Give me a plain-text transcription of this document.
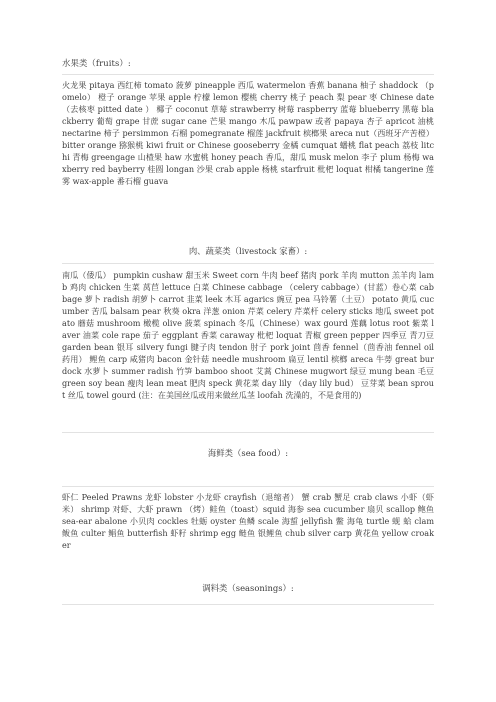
水果类（fruits）:

火龙果 pitaya 西红柿 tomato 菠萝 pineapple 西瓜 watermelon 香蕉 banana 柚子 shaddock （pomelo） 橙子 orange 苹果 apple 柠檬 lemon 樱桃 cherry 桃子 peach 梨 pear 枣 Chinese date （去核枣 pitted date ） 椰子 coconut 草莓 strawberry 树莓 raspberry 蓝莓 blueberry 黑莓 blackberry 葡萄 grape 甘蔗 sugar cane 芒果 mango 木瓜 pawpaw 或者 papaya 杏子 apricot 油桃 nectarine 柿子 persimmon 石榴 pomegranate 榴莲 jackfruit 槟榔果 areca nut（西班牙产苦橙）bitter orange 猕猴桃 kiwi fruit or Chinese gooseberry 金橘 cumquat 蟠桃 flat peach 荔枝 litchi 青梅 greengage 山楂果 haw 水蜜桃 honey peach 香瓜，甜瓜 musk melon 李子 plum 杨梅 waxberry red bayberry 桂圆 longan 沙果 crab apple 杨桃 starfruit 枇杷 loquat 柑橘 tangerine 莲雾 wax-apple 番石榴 guava

肉、蔬菜类（livestock 家畜）:

南瓜（倭瓜） pumpkin cushaw 甜玉米 Sweet corn 牛肉 beef 猪肉 pork 羊肉 mutton 羔羊肉 lamb 鸡肉 chicken 生菜 莴苣 lettuce 白菜 Chinese cabbage （celery cabbage）(甘蓝）卷心菜 cabbage 萝卜 radish 胡萝卜 carrot 韭菜 leek 木耳 agarics 豌豆 pea 马铃薯（土豆） potato 黄瓜 cucumber 苦瓜 balsam pear 秋葵 okra 洋葱 onion 芹菜 celery 芹菜杆 celery sticks 地瓜 sweet potato 蘑菇 mushroom 橄榄 olive 菠菜 spinach 冬瓜（Chinese）wax gourd 莲藕 lotus root 紫菜 laver 油菜 cole rape 茄子 eggplant 香菜 caraway 枇杷 loquat 青椒 green pepper 四季豆 青刀豆 garden bean 银耳 silvery fungi 腱子肉 tendon 肘子 pork joint 茴香 fennel（茴香油 fennel oil 药用） 鲤鱼 carp 咸猪肉 bacon 金针菇 needle mushroom 扁豆 lentil 槟榔 areca 牛蒡 great burdock 水萝卜 summer radish 竹笋 bamboo shoot 艾蒿 Chinese mugwort 绿豆 mung bean 毛豆 green soy bean 瘦肉 lean meat 肥肉 speck 黄花菜 day lily （day lily bud） 豆芽菜 bean sprout 丝瓜 towel gourd (注：在美国丝瓜或用来做丝瓜茎 loofah 洗澡的，不是食用的)

海鲜类（sea food）:

虾仁 Peeled Prawns 龙虾 lobster 小龙虾 crayfish（退缩者） 蟹 crab 蟹足 crab claws 小虾（虾米） shrimp 对虾、大虾 prawn （烤）鲑鱼（toast）squid 海参 sea cucumber 扇贝 scallop 鲍鱼 sea-ear abalone 小贝肉 cockles 牡蛎 oyster 鱼鳞 scale 海蜇 jellyfish 鳖 海龟 turtle 蚬 蛤 clam 鲅鱼 culter 鲳鱼 butterfish 虾籽 shrimp egg 鲢鱼 银鲤鱼 chub silver carp 黄花鱼 yellow croaker

调料类（seasonings）:
